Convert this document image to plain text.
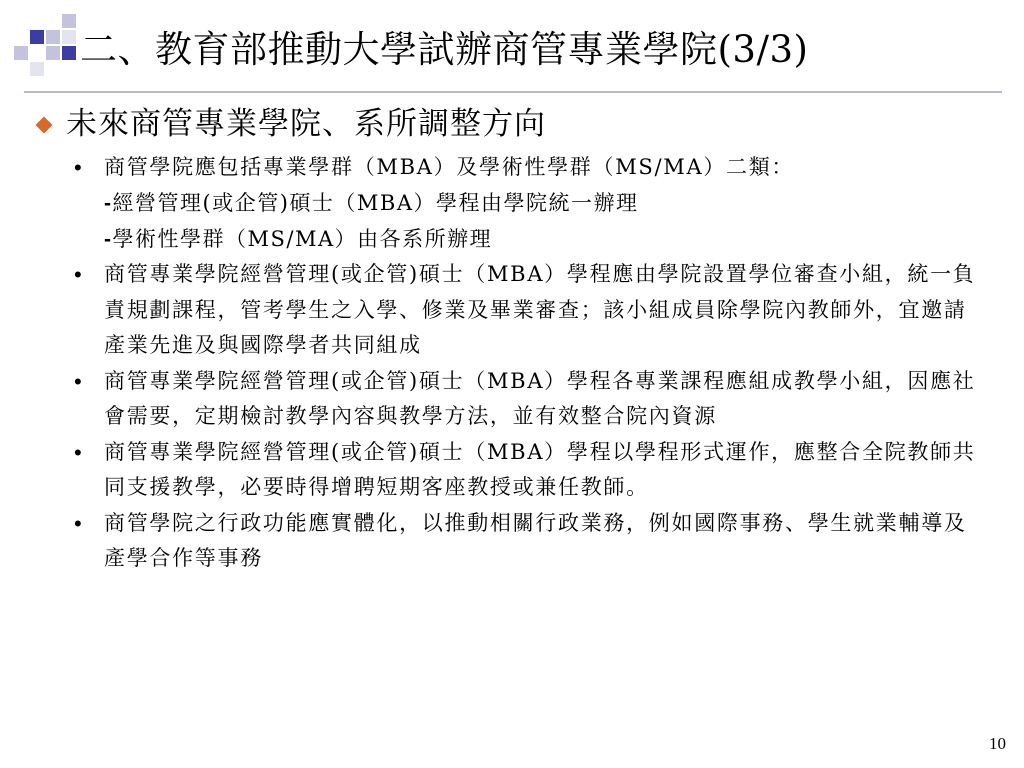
二、教育部推動大學試辦商管專業學院(3/3)
未來商管專業學院、系所調整方向
•	商管學院應包括專業學群（MBA）及學術性學群（MS/MA）二類：
-經營管理(或企管)碩士（MBA）學程由學院統一辦理
-學術性學群（MS/MA）由各系所辦理
•	商管專業學院經營管理(或企管)碩士（MBA）學程應由學院設置學位審查小組，統一負責規劃課程，管考學生之入學、修業及畢業審查；該小組成員除學院內教師外，宜邀請產業先進及與國際學者共同組成
•	商管專業學院經營管理(或企管)碩士（MBA）學程各專業課程應組成教學小組，因應社會需要，定期檢討教學內容與教學方法，並有效整合院內資源
•	商管專業學院經營管理(或企管)碩士（MBA）學程以學程形式運作，應整合全院教師共同支援教學，必要時得增聘短期客座教授或兼任教師。
•	商管學院之行政功能應實體化，以推動相關行政業務，例如國際事務、學生就業輔導及產學合作等事務
10
